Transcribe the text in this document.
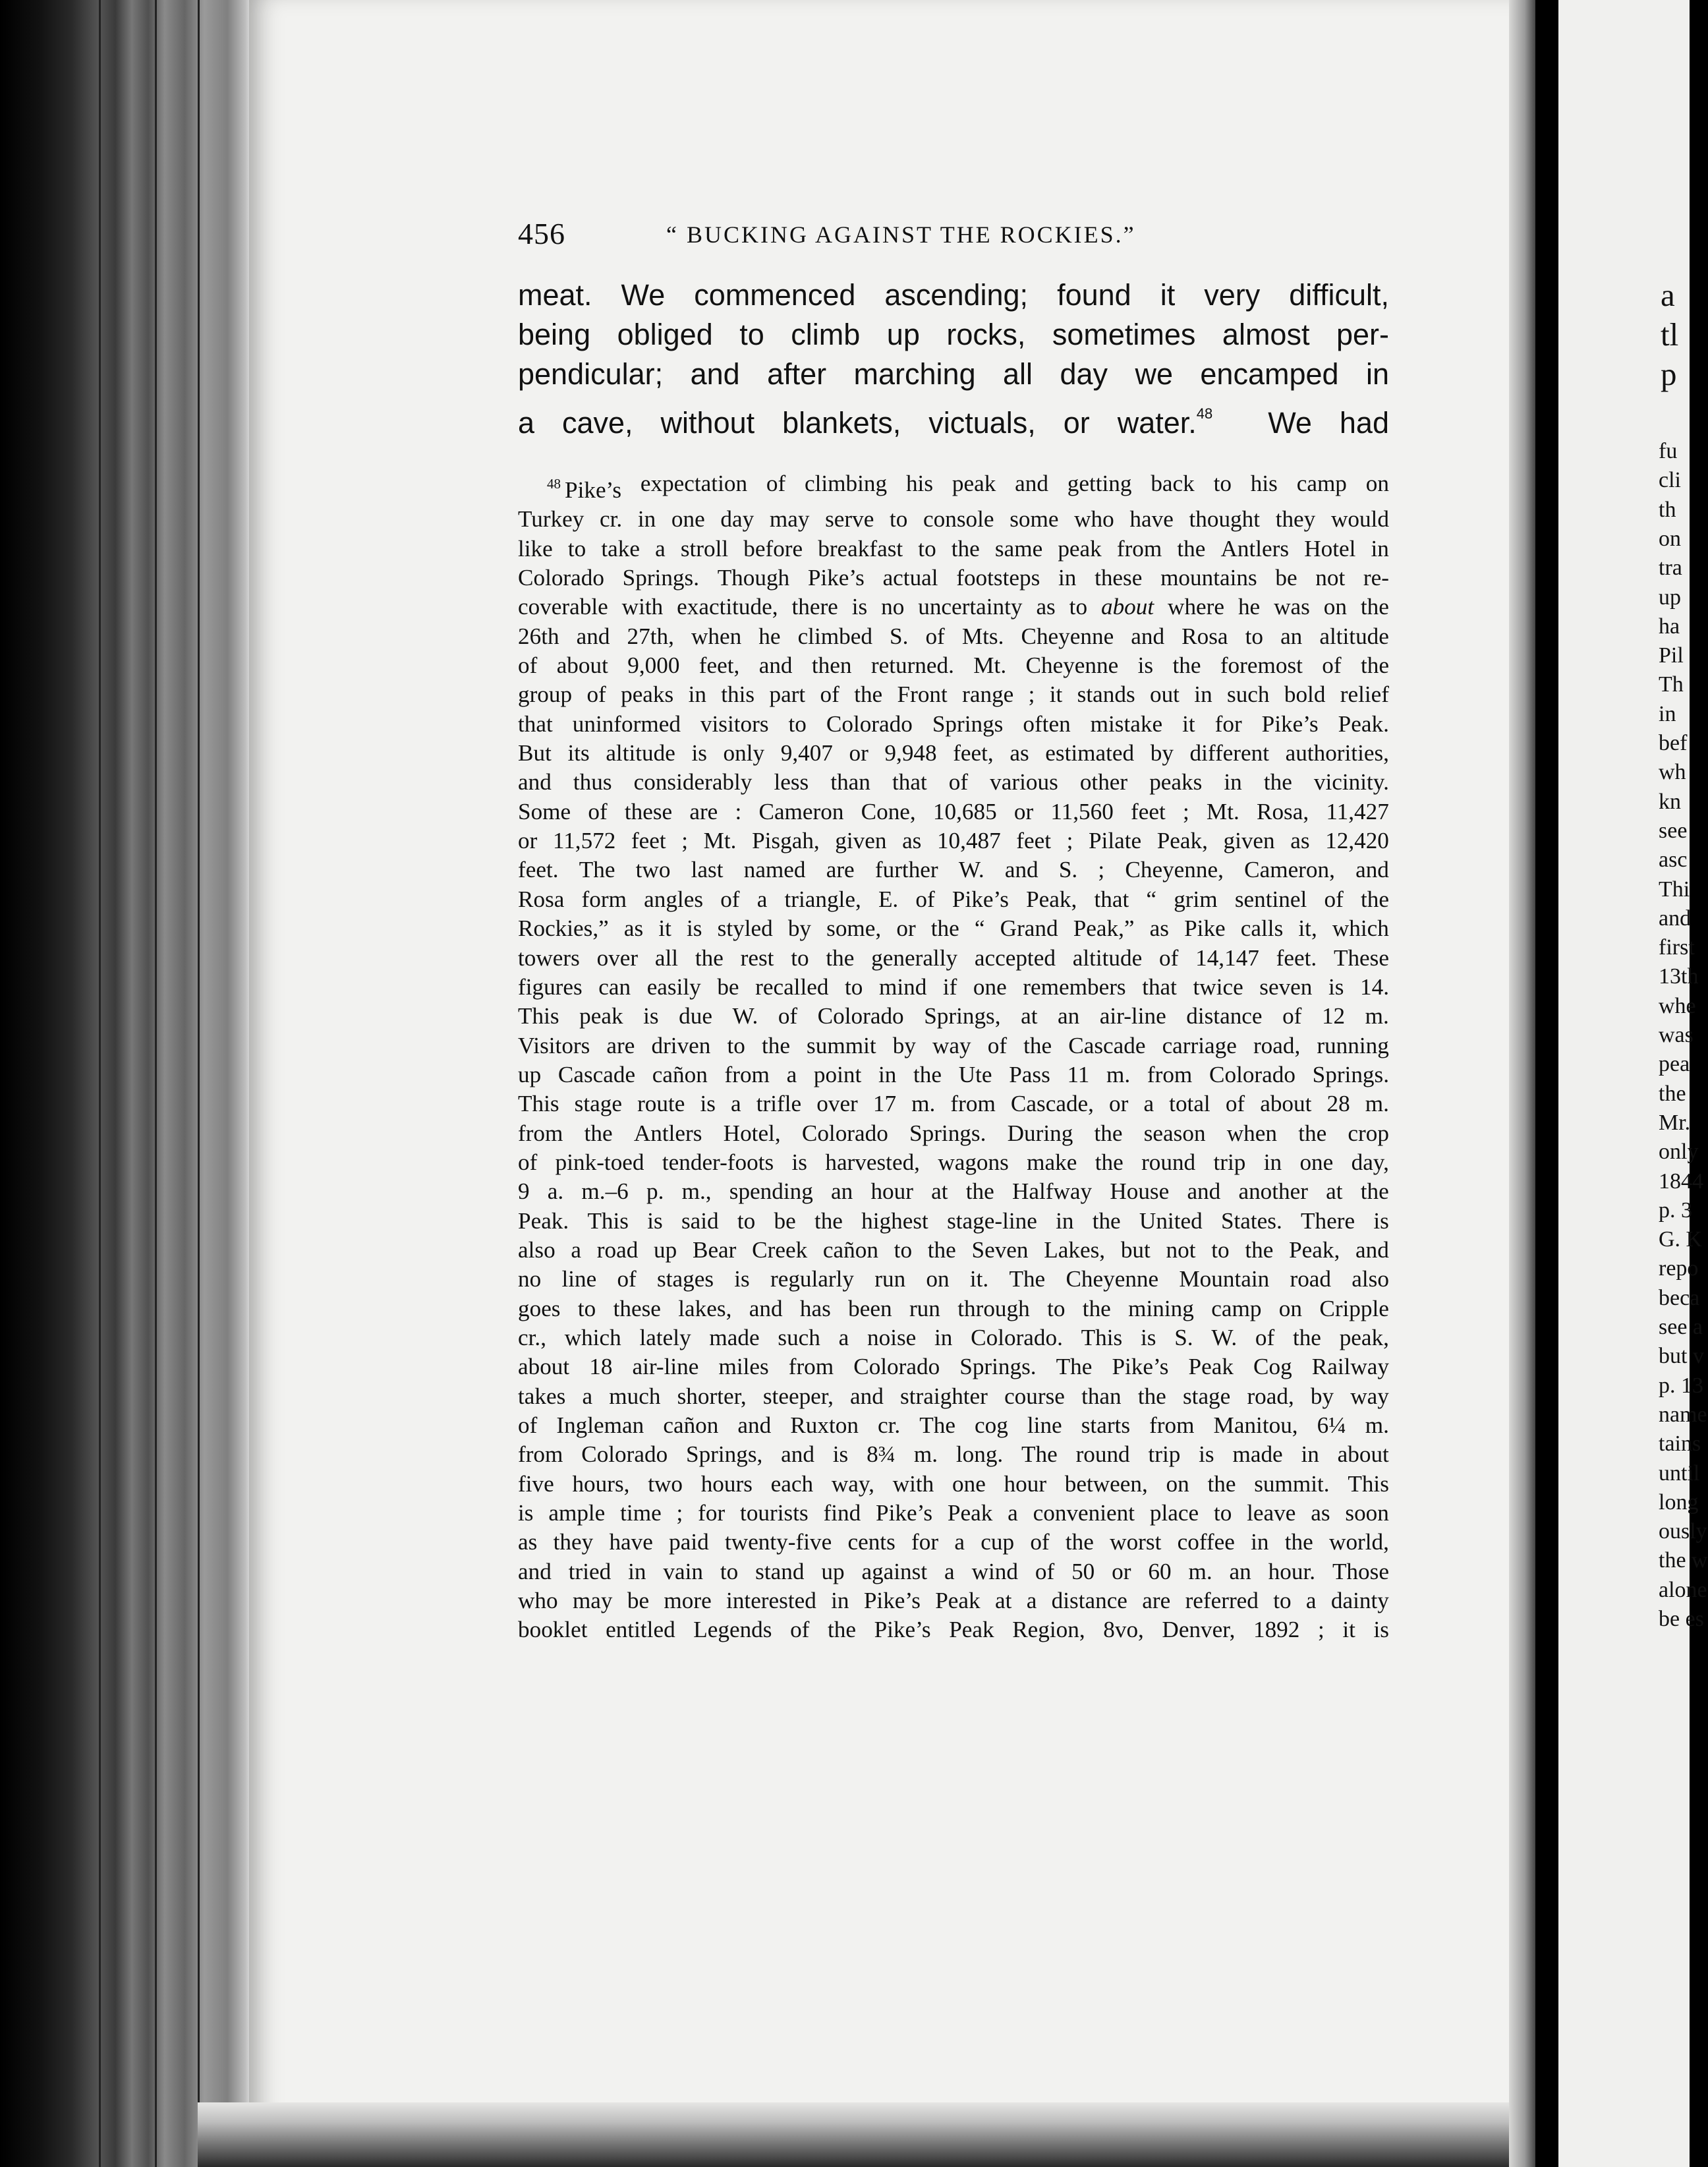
456	“ BUCKING AGAINST THE ROCKIES.”
meat. We commenced ascending; found it very difficult,
being obliged to climb up rocks, sometimes almost per-
pendicular; and after marching all day we encamped in
a cave, without blankets, victuals, or water.$^{48}$ We had
$^{48}$ Pike’s expectation of climbing his peak and getting back to his camp on
Turkey cr. in one day may serve to console some who have thought they would
like to take a stroll before breakfast to the same peak from the Antlers Hotel in
Colorado Springs. Though Pike’s actual footsteps in these mountains be not re-
coverable with exactitude, there is no uncertainty as to about where he was on the
26th and 27th, when he climbed S. of Mts. Cheyenne and Rosa to an altitude
of about 9,000 feet, and then returned. Mt. Cheyenne is the foremost of the
group of peaks in this part of the Front range ; it stands out in such bold relief
that uninformed visitors to Colorado Springs often mistake it for Pike’s Peak.
But its altitude is only 9,407 or 9,948 feet, as estimated by different authorities,
and thus considerably less than that of various other peaks in the vicinity.
Some of these are : Cameron Cone, 10,685 or 11,560 feet ; Mt. Rosa, 11,427
or 11,572 feet ; Mt. Pisgah, given as 10,487 feet ; Pilate Peak, given as 12,420
feet. The two last named are further W. and S. ; Cheyenne, Cameron, and
Rosa form angles of a triangle, E. of Pike’s Peak, that “ grim sentinel of the
Rockies,” as it is styled by some, or the “ Grand Peak,” as Pike calls it, which
towers over all the rest to the generally accepted altitude of 14,147 feet. These
figures can easily be recalled to mind if one remembers that twice seven is 14.
This peak is due W. of Colorado Springs, at an air-line distance of 12 m.
Visitors are driven to the summit by way of the Cascade carriage road, running
up Cascade cañon from a point in the Ute Pass 11 m. from Colorado Springs.
This stage route is a trifle over 17 m. from Cascade, or a total of about 28 m.
from the Antlers Hotel, Colorado Springs. During the season when the crop
of pink-toed tender-foots is harvested, wagons make the round trip in one day,
9 a. m.–6 p. m., spending an hour at the Halfway House and another at the
Peak. This is said to be the highest stage-line in the United States. There is
also a road up Bear Creek cañon to the Seven Lakes, but not to the Peak, and
no line of stages is regularly run on it. The Cheyenne Mountain road also
goes to these lakes, and has been run through to the mining camp on Cripple
cr., which lately made such a noise in Colorado. This is S. W. of the peak,
about 18 air-line miles from Colorado Springs. The Pike’s Peak Cog Railway
takes a much shorter, steeper, and straighter course than the stage road, by way
of Ingleman cañon and Ruxton cr. The cog line starts from Manitou, 6¼ m.
from Colorado Springs, and is 8¾ m. long. The round trip is made in about
five hours, two hours each way, with one hour between, on the summit. This
is ample time ; for tourists find Pike’s Peak a convenient place to leave as soon
as they have paid twenty-five cents for a cup of the worst coffee in the world,
and tried in vain to stand up against a wind of 50 or 60 m. an hour. Those
who may be more interested in Pike’s Peak at a distance are referred to a dainty
booklet entitled Legends of the Pike’s Peak Region, 8vo, Denver, 1892 ; it is
a
tl
p
fu
cli
th
on
tra
up
ha
Pil
Th
in
bef
wh
kn
see
asc
Thi
and
first
13th
whe
was
pea
the
Mr.
only
1844
p. 3
G. K
repo
beca
see a
but v
p. 13
name
tains
until
long
ously
the w
alone
be es
